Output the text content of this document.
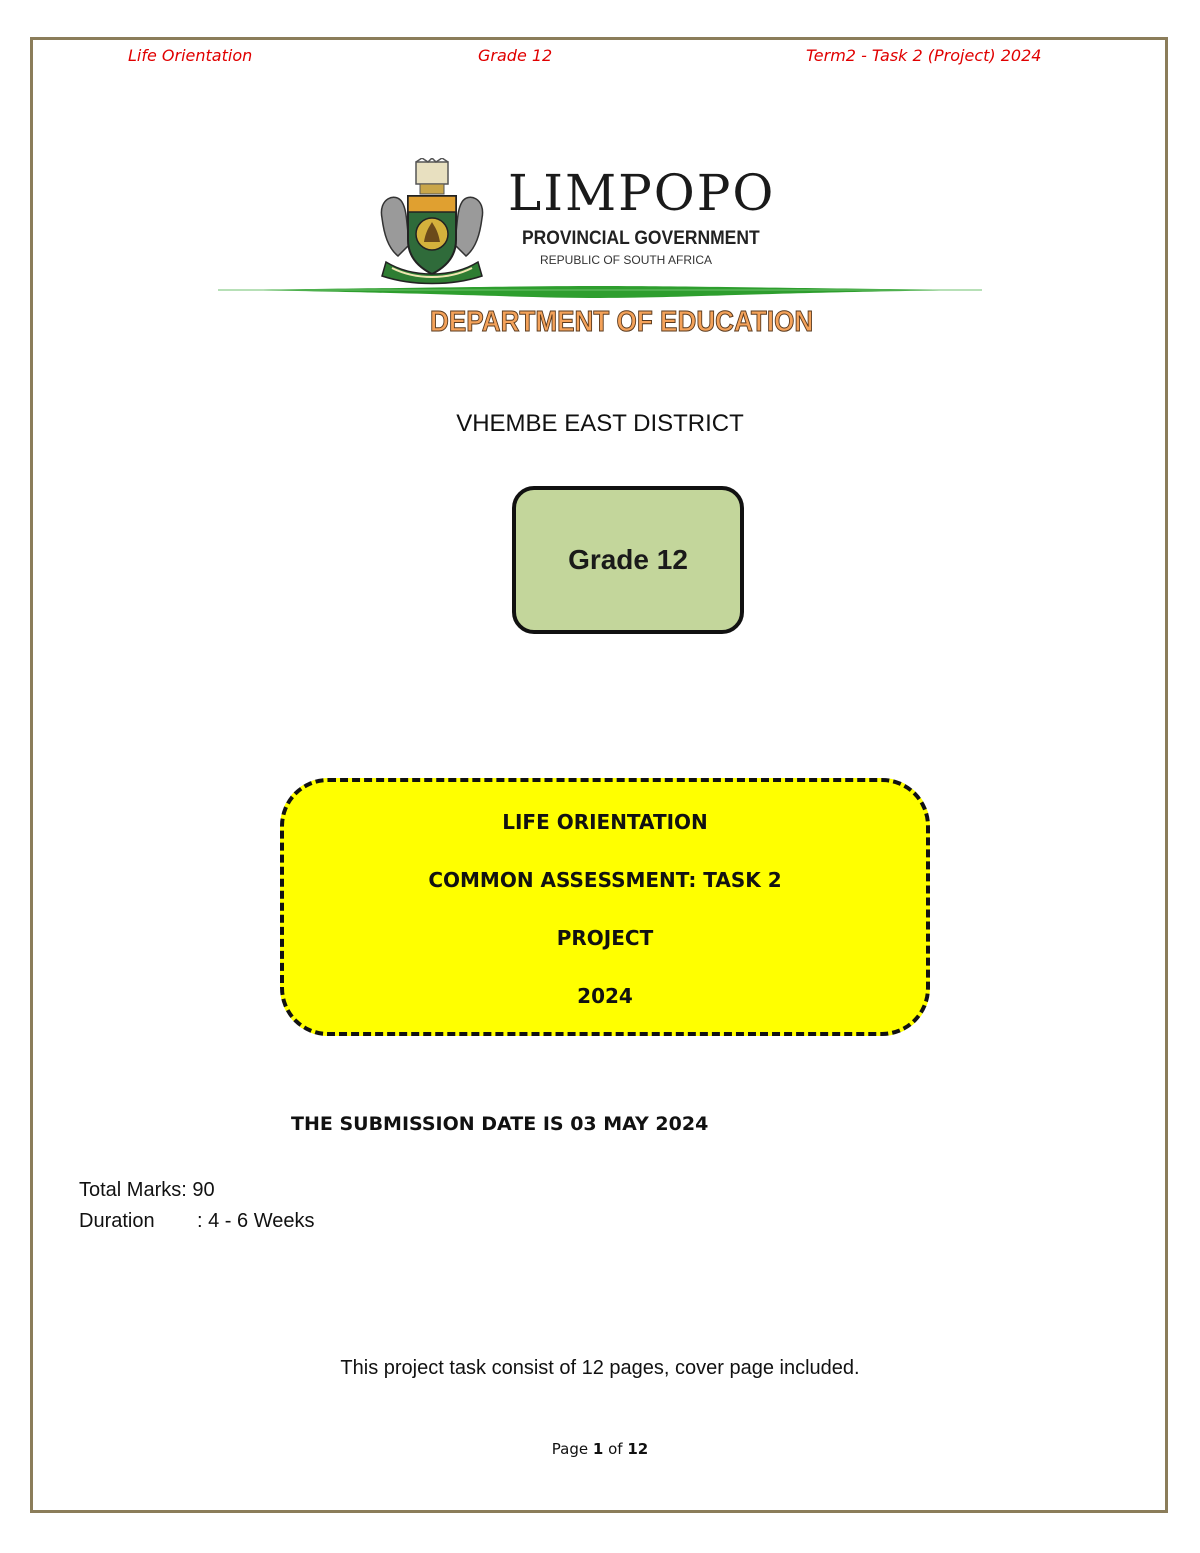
Life Orientation	Grade 12	Term2 - Task 2 (Project) 2024
LIMPOPO
PROVINCIAL GOVERNMENT
REPUBLIC OF SOUTH AFRICA
DEPARTMENT OF EDUCATION
VHEMBE EAST DISTRICT
Grade 12
LIFE ORIENTATION
COMMON ASSESSMENT: TASK 2
PROJECT
2024
THE SUBMISSION DATE IS 03 MAY 2024
Total Marks: 90
Duration : 4 - 6 Weeks
This project task consist of 12 pages, cover page included.
Page 1 of 12
